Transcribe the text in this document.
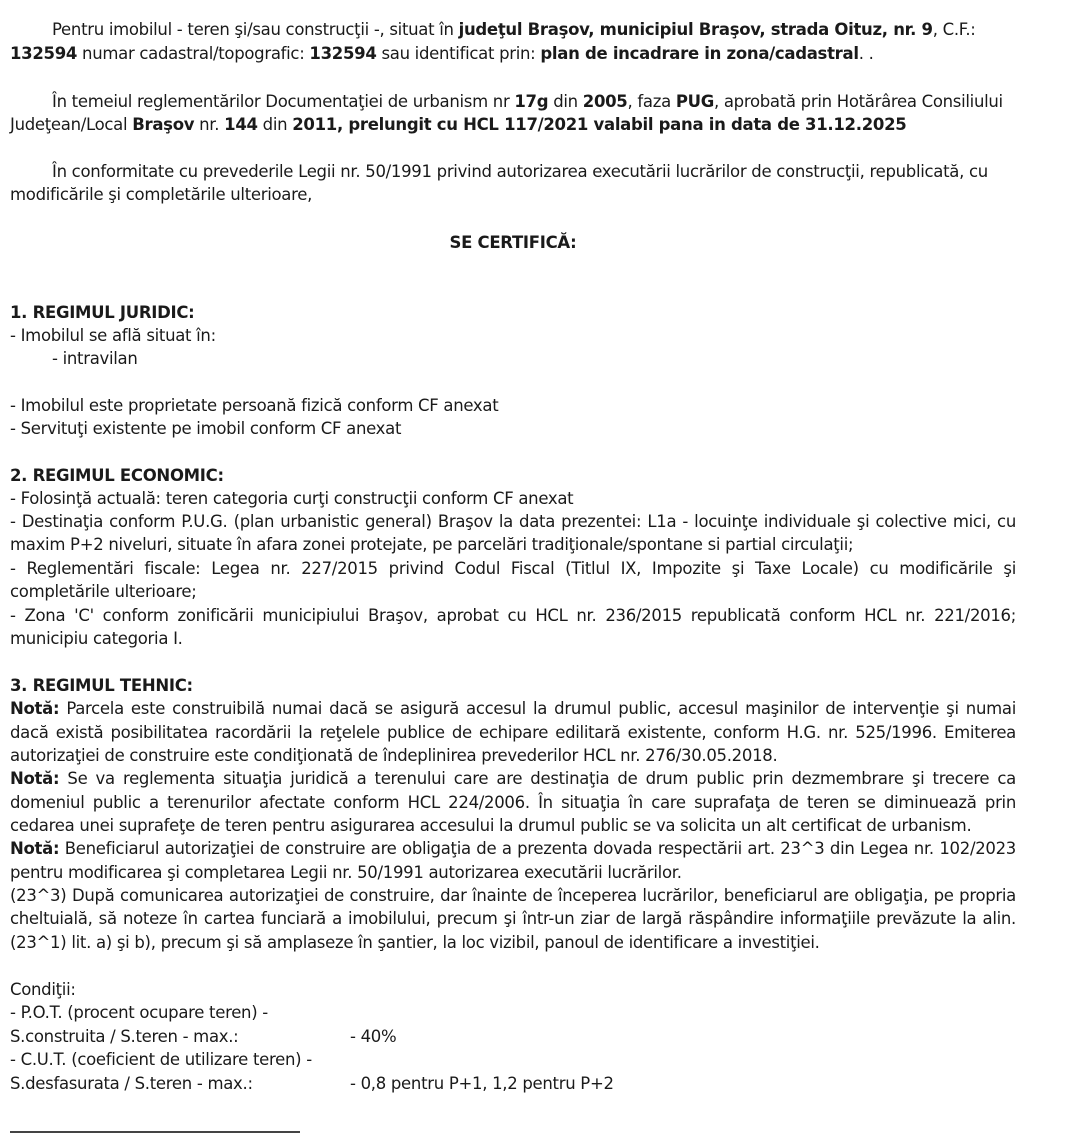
Pentru imobilul - teren şi/sau construcţii -, situat în judeţul Braşov, municipiul Braşov, strada Oituz, nr. 9, C.F.:
132594 numar cadastral/topografic: 132594 sau identificat prin: plan de incadrare in zona/cadastral. .
În temeiul reglementărilor Documentaţiei de urbanism nr 17g din 2005, faza PUG, aprobată prin Hotărârea Consiliului
Judeţean/Local Braşov nr. 144 din 2011, prelungit cu HCL 117/2021 valabil pana in data de 31.12.2025
În conformitate cu prevederile Legii nr. 50/1991 privind autorizarea executării lucrărilor de construcţii, republicată, cu
modificările şi completările ulterioare,
SE CERTIFICĂ:
1. REGIMUL JURIDIC:
- Imobilul se află situat în:
- intravilan
- Imobilul este proprietate persoană fizică conform CF anexat
- Servituţi existente pe imobil conform CF anexat
2. REGIMUL ECONOMIC:
- Folosinţă actuală: teren categoria curţi construcţii conform CF anexat
- Destinaţia conform P.U.G. (plan urbanistic general) Braşov la data prezentei: L1a - locuinţe individuale şi colective mici, cu
maxim P+2 niveluri, situate în afara zonei protejate, pe parcelări tradiţionale/spontane si partial circulaţii;
- Reglementări fiscale: Legea nr. 227/2015 privind Codul Fiscal (Titlul IX, Impozite şi Taxe Locale) cu modificările şi
completările ulterioare;
- Zona 'C' conform zonificării municipiului Braşov, aprobat cu HCL nr. 236/2015 republicată conform HCL nr. 221/2016;
municipiu categoria I.
3. REGIMUL TEHNIC:
Notă: Parcela este construibilă numai dacă se asigură accesul la drumul public, accesul maşinilor de intervenţie şi numai
dacă există posibilitatea racordării la reţelele publice de echipare edilitară existente, conform H.G. nr. 525/1996. Emiterea
autorizaţiei de construire este condiţionată de îndeplinirea prevederilor HCL nr. 276/30.05.2018.
Notă: Se va reglementa situaţia juridică a terenului care are destinaţia de drum public prin dezmembrare şi trecere ca
domeniul public a terenurilor afectate conform HCL 224/2006. În situaţia în care suprafaţa de teren se diminuează prin
cedarea unei suprafeţe de teren pentru asigurarea accesului la drumul public se va solicita un alt certificat de urbanism.
Notă: Beneficiarul autorizaţiei de construire are obligaţia de a prezenta dovada respectării art. 23^3 din Legea nr. 102/2023
pentru modificarea şi completarea Legii nr. 50/1991 autorizarea executării lucrărilor.
(23^3) După comunicarea autorizaţiei de construire, dar înainte de începerea lucrărilor, beneficiarul are obligaţia, pe propria
cheltuială, să noteze în cartea funciară a imobilului, precum şi într-un ziar de largă răspândire informaţiile prevăzute la alin.
(23^1) lit. a) şi b), precum şi să amplaseze în şantier, la loc vizibil, panoul de identificare a investiţiei.
Condiţii:
- P.O.T. (procent ocupare teren) -
S.construita / S.teren - max.:	- 40%
- C.U.T. (coeficient de utilizare teren) -
S.desfasurata / S.teren - max.:	- 0,8 pentru P+1, 1,2 pentru P+2
